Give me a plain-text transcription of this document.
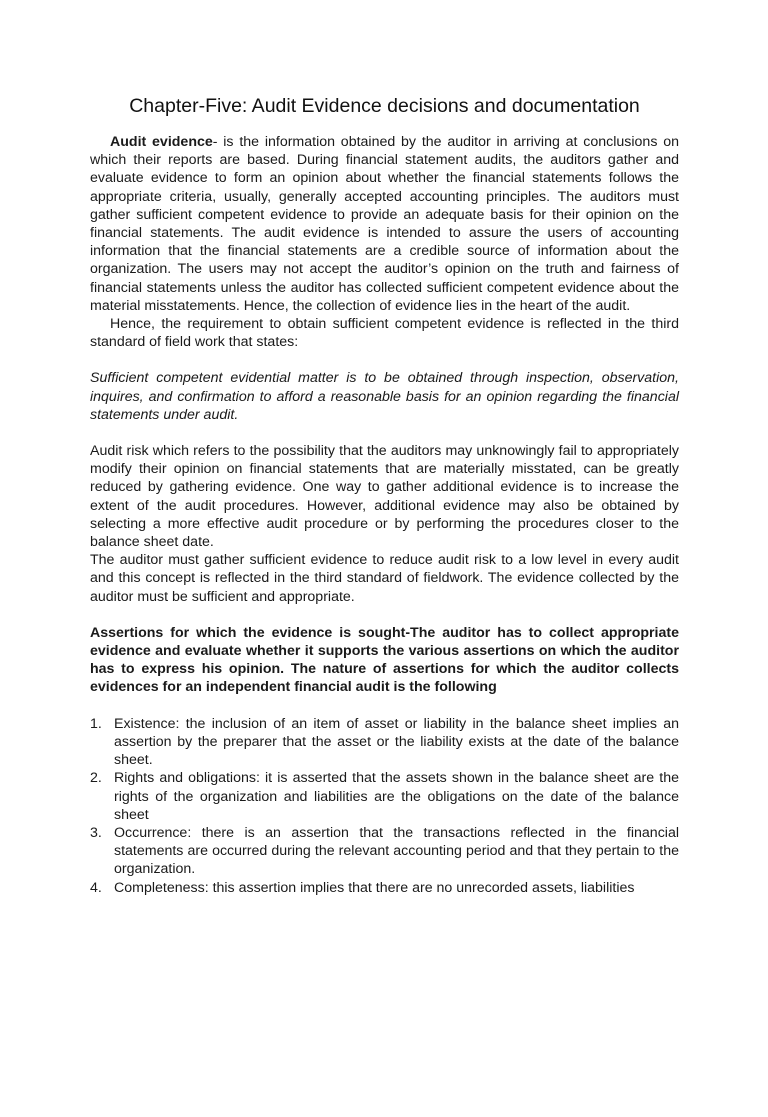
Chapter-Five: Audit Evidence decisions and documentation

Audit evidence- is the information obtained by the auditor in arriving at conclusions on which their reports are based. During financial statement audits, the auditors gather and evaluate evidence to form an opinion about whether the financial statements follows the appropriate criteria, usually, generally accepted accounting principles. The auditors must gather sufficient competent evidence to provide an adequate basis for their opinion on the financial statements. The audit evidence is intended to assure the users of accounting information that the financial statements are a credible source of information about the organization. The users may not accept the auditor’s opinion on the truth and fairness of financial statements unless the auditor has collected sufficient competent evidence about the material misstatements. Hence, the collection of evidence lies in the heart of the audit.

Hence, the requirement to obtain sufficient competent evidence is reflected in the third standard of field work that states:

Sufficient competent evidential matter is to be obtained through inspection, observation, inquires, and confirmation to afford a reasonable basis for an opinion regarding the financial statements under audit.

Audit risk which refers to the possibility that the auditors may unknowingly fail to appropriately modify their opinion on financial statements that are materially misstated, can be greatly reduced by gathering evidence. One way to gather additional evidence is to increase the extent of the audit procedures. However, additional evidence may also be obtained by selecting a more effective audit procedure or by performing the procedures closer to the balance sheet date.

The auditor must gather sufficient evidence to reduce audit risk to a low level in every audit and this concept is reflected in the third standard of fieldwork. The evidence collected by the auditor must be sufficient and appropriate.

Assertions for which the evidence is sought-The auditor has to collect appropriate evidence and evaluate whether it supports the various assertions on which the auditor has to express his opinion. The nature of assertions for which the auditor collects evidences for an independent financial audit is the following

1. Existence: the inclusion of an item of asset or liability in the balance sheet implies an assertion by the preparer that the asset or the liability exists at the date of the balance sheet.
2. Rights and obligations: it is asserted that the assets shown in the balance sheet are the rights of the organization and liabilities are the obligations on the date of the balance sheet
3. Occurrence: there is an assertion that the transactions reflected in the financial statements are occurred during the relevant accounting period and that they pertain to the organization.
4. Completeness: this assertion implies that there are no unrecorded assets, liabilities
